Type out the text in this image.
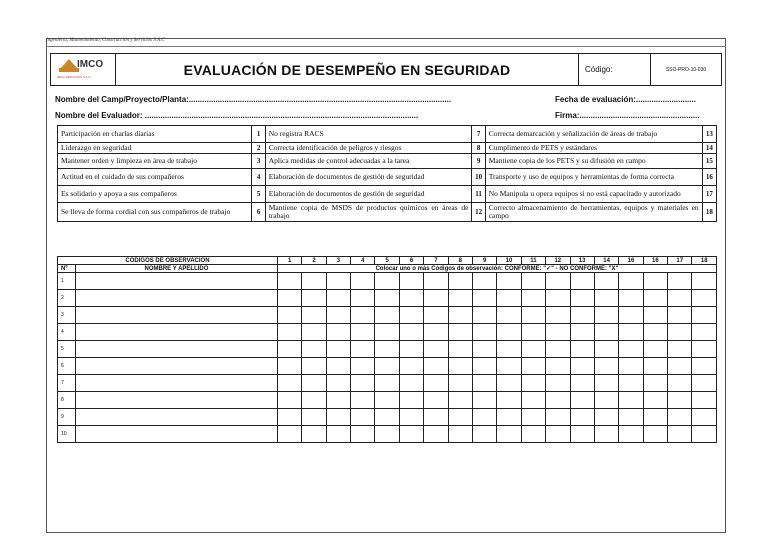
Ingeniería, Mantenimiento, Construcción y Servicios S.A.C
IMCO
IMCO SERVICIOS S.A.C	EVALUACIÓN DE DESEMPEÑO EN SEGURIDAD	Código:	SSO-PRO-10-030
Nombre del Camp/Proyecto/Planta:......................................................................................................................	Fecha de evaluación:...........................
Nombre del Evaluador: ...........................................................................................................................	Firma:......................................................
Participación en charlas diarias	1	No registra RACS	7	Correcta demarcación y señalización de áreas de trabajo	13
Liderazgo en seguridad	2	Correcta identificación de peligros y riesgos	8	Cumplimento de PETS y estándares	14
Mantener orden y limpieza en área de trabajo	3	Aplica medidas de control adecuadas a la tarea	9	Mantiene copia de los PETS y su difusión en campo	15
Actitud en el cuidado de sus compañeros	4	Elaboración de documentos de gestión de seguridad	10	Transporte y uso de equipos y herramientas de forma correcta	16
Es solidario y apoya a sus compañeros	5	Elaboración de documentos de gestión de seguridad	11	No Manipula u opera equipos si no está capacitado y autorizado	17
Se lleva de forma cordial con sus compañeros de trabajo	6	Mantiene copia de MSDS de productos químicos en áreas de trabajo	12	Correcto almacenamiento de herramientas, equipos y materiales en campo	18
CÓDIGOS DE OBSERVACIÓN		1	2	3	4	5	6	7	8	9	10	11	12	13	14	16	16	17	18
Nº	NOMBRE Y APELLIDO	Colocar uno o más Códigos de observación: CONFORME: "✓" - NO CONFORME: "X"																	
1																			
2																			
3																			
4																			
5																			
6																			
7																			
8																			
9																			
10																			
